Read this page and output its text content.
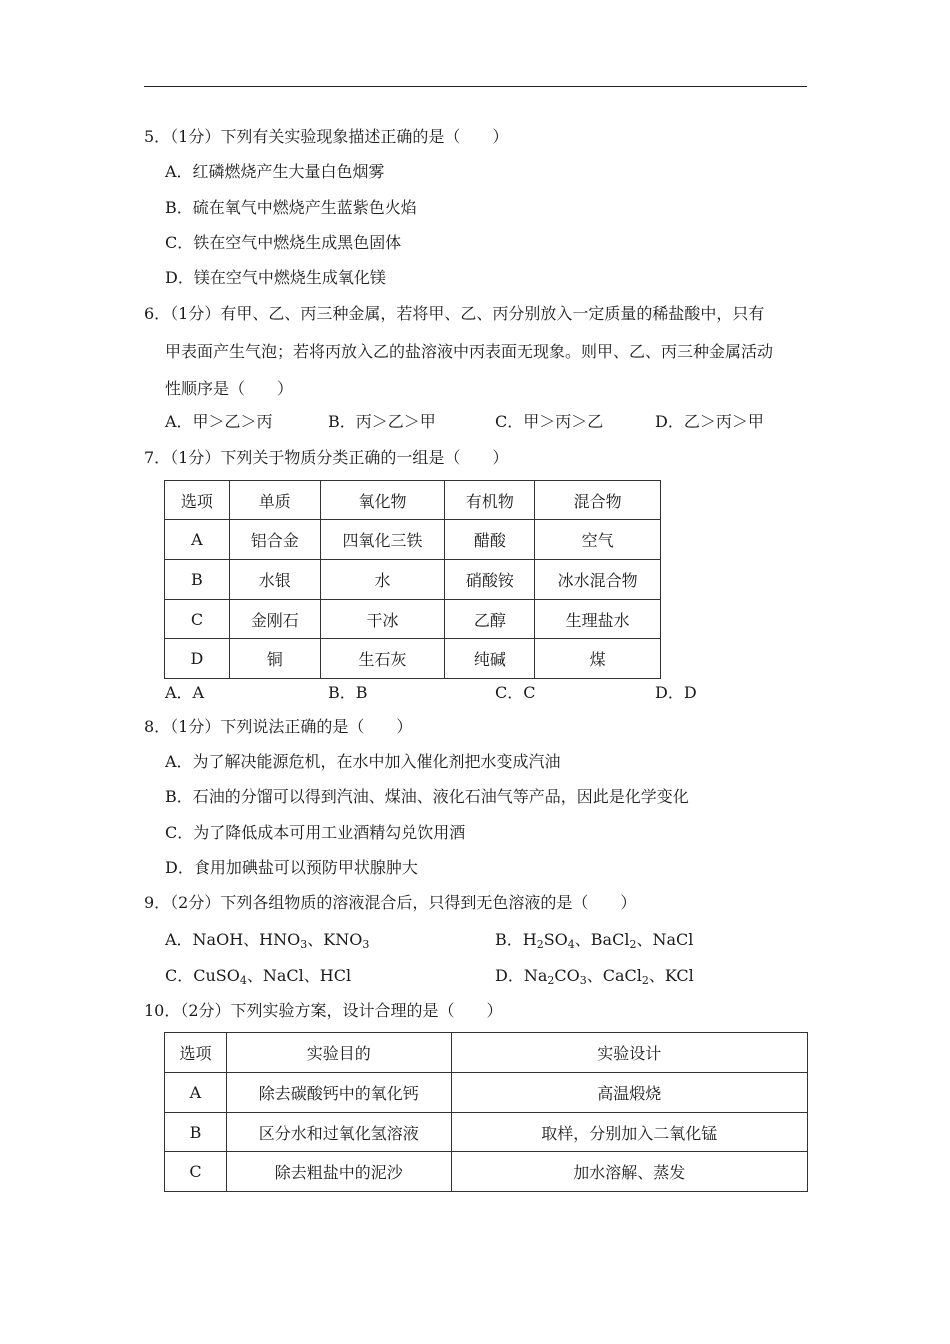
5．（1分）下列有关实验现象描述正确的是（　　）
A．红磷燃烧产生大量白色烟雾
B．硫在氧气中燃烧产生蓝紫色火焰
C．铁在空气中燃烧生成黑色固体
D．镁在空气中燃烧生成氧化镁
6．（1分）有甲、乙、丙三种金属，若将甲、乙、丙分别放入一定质量的稀盐酸中，只有
甲表面产生气泡；若将丙放入乙的盐溶液中丙表面无现象。则甲、乙、丙三种金属活动
性顺序是（　　）
A．甲＞乙＞丙	B．丙＞乙＞甲	C．甲＞丙＞乙	D．乙＞丙＞甲
7．（1分）下列关于物质分类正确的一组是（　　）
选项	单质	氧化物	有机物	混合物
A	铝合金	四氧化三铁	醋酸	空气
B	水银	水	硝酸铵	冰水混合物
C	金刚石	干冰	乙醇	生理盐水
D	铜	生石灰	纯碱	煤
A．A	B．B	C．C	D．D
8．（1分）下列说法正确的是（　　）
A．为了解决能源危机，在水中加入催化剂把水变成汽油
B．石油的分馏可以得到汽油、煤油、液化石油气等产品，因此是化学变化
C．为了降低成本可用工业酒精勾兑饮用酒
D．食用加碘盐可以预防甲状腺肿大
9．（2分）下列各组物质的溶液混合后，只得到无色溶液的是（　　）
A．NaOH、$HNO_3$、$KNO_3$	B．$H_2SO_4$、BaCl$_2$、NaCl
C．CuSO$_4$、NaCl、HCl	D．$Na_2CO_3$、CaCl$_2$、KCl
10．（2分）下列实验方案，设计合理的是（　　）
选项	实验目的	实验设计
A	除去碳酸钙中的氧化钙	高温煅烧
B	区分水和过氧化氢溶液	取样，分别加入二氧化锰
C	除去粗盐中的泥沙	加水溶解、蒸发
